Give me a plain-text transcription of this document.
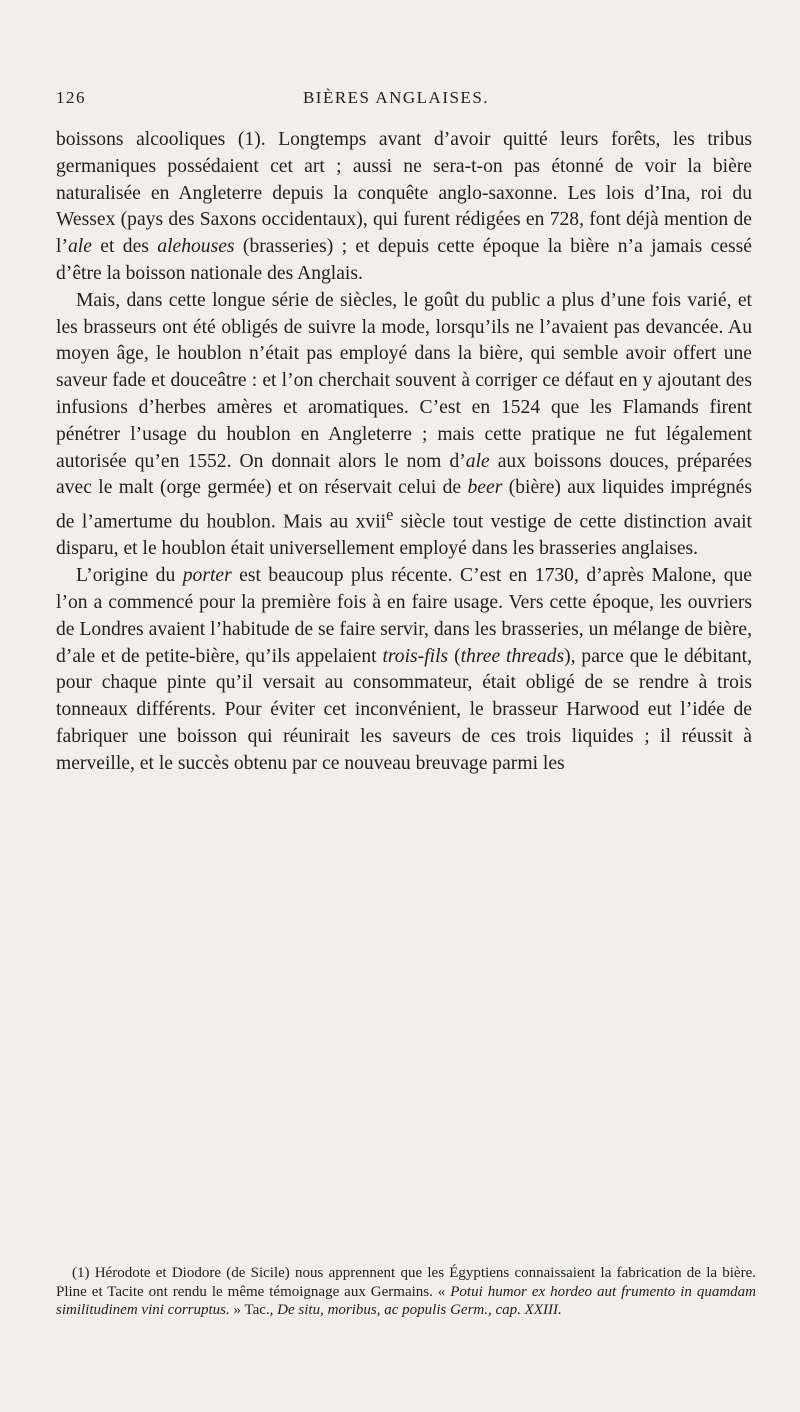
126	BIÈRES ANGLAISES.

boissons alcooliques (1). Longtemps avant d’avoir quitté leurs forêts, les tribus germaniques possédaient cet art ; aussi ne sera-t-on pas étonné de voir la bière naturalisée en Angleterre depuis la conquête anglo-saxonne. Les lois d’Ina, roi du Wessex (pays des Saxons occidentaux), qui furent rédigées en 728, font déjà mention de l’ale et des alehouses (brasseries) ; et depuis cette époque la bière n’a jamais cessé d’être la boisson nationale des Anglais.

Mais, dans cette longue série de siècles, le goût du public a plus d’une fois varié, et les brasseurs ont été obligés de suivre la mode, lorsqu’ils ne l’avaient pas devancée. Au moyen âge, le houblon n’était pas employé dans la bière, qui semble avoir offert une saveur fade et douceâtre : et l’on cherchait souvent à corriger ce défaut en y ajoutant des infusions d’herbes amères et aromatiques. C’est en 1524 que les Flamands firent pénétrer l’usage du houblon en Angleterre ; mais cette pratique ne fut légalement autorisée qu’en 1552. On donnait alors le nom d’ale aux boissons douces, préparées avec le malt (orge germée) et on réservait celui de beer (bière) aux liquides imprégnés de l’amertume du houblon. Mais au xvii$^e$ siècle tout vestige de cette distinction avait disparu, et le houblon était universellement employé dans les brasseries anglaises.

L’origine du porter est beaucoup plus récente. C’est en 1730, d’après Malone, que l’on a commencé pour la première fois à en faire usage. Vers cette époque, les ouvriers de Londres avaient l’habitude de se faire servir, dans les brasseries, un mélange de bière, d’ale et de petite-bière, qu’ils appelaient trois-fils (three threads), parce que le débitant, pour chaque pinte qu’il versait au consommateur, était obligé de se rendre à trois tonneaux différents. Pour éviter cet inconvénient, le brasseur Harwood eut l’idée de fabriquer une boisson qui réunirait les saveurs de ces trois liquides ; il réussit à merveille, et le succès obtenu par ce nouveau breuvage parmi les

(1) Hérodote et Diodore (de Sicile) nous apprennent que les Égyptiens connaissaient la fabrication de la bière. Pline et Tacite ont rendu le même témoignage aux Germains. « Potui humor ex hordeo aut frumento in quamdam similitudinem vini corruptus. » Tac., De situ, moribus, ac populis Germ., cap. XXIII.
